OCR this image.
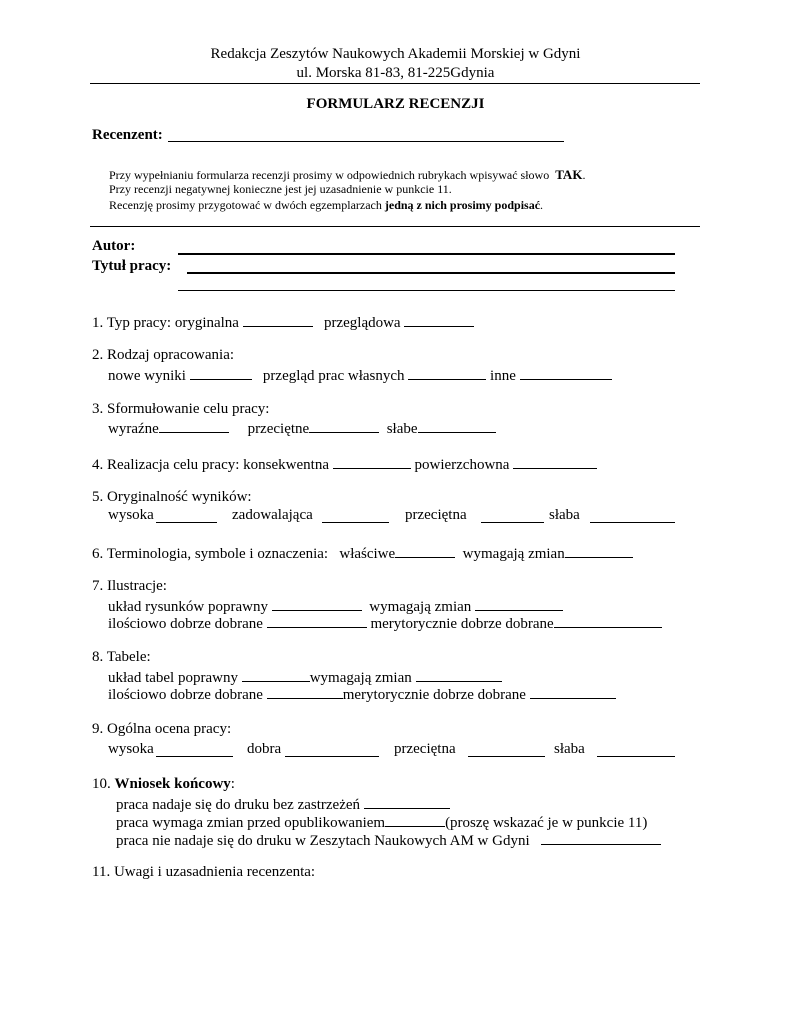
Redakcja Zeszytów Naukowych Akademii Morskiej w Gdyni
ul. Morska 81-83, 81-225Gdynia
FORMULARZ RECENZJI
Recenzent:
Przy wypełnianiu formularza recenzji prosimy w odpowiednich rubrykach wpisywać słowo TAK.
Przy recenzji negatywnej konieczne jest jej uzasadnienie w punkcie 11.
Recenzję prosimy przygotować w dwóch egzemplarzach jedną z nich prosimy podpisać.
Autor:
Tytuł pracy:
1. Typ pracy: oryginalna	przeglądowa
2. Rodzaj opracowania:
nowe wyniki	przegląd prac własnych	inne
3. Sformułowanie celu pracy:
wyraźne	przeciętne	słabe
4. Realizacja celu pracy: konsekwentna	powierzchowna
5. Oryginalność wyników:
wysoka	zadowalająca	przeciętna	słaba
6. Terminologia, symbole i oznaczenia: właściwe	wymagają zmian
7. Ilustracje:
układ rysunków poprawny	wymagają zmian
ilościowo dobrze dobrane	merytorycznie dobrze dobrane
8. Tabele:
układ tabel poprawny	wymagają zmian
ilościowo dobrze dobrane	merytorycznie dobrze dobrane
9. Ogólna ocena pracy:
wysoka	dobra	przeciętna	słaba
10. Wniosek końcowy:
praca nadaje się do druku bez zastrzeżeń
praca wymaga zmian przed opublikowaniem	(proszę wskazać je w punkcie 11)
praca nie nadaje się do druku w Zeszytach Naukowych AM w Gdyni
11. Uwagi i uzasadnienia recenzenta:
